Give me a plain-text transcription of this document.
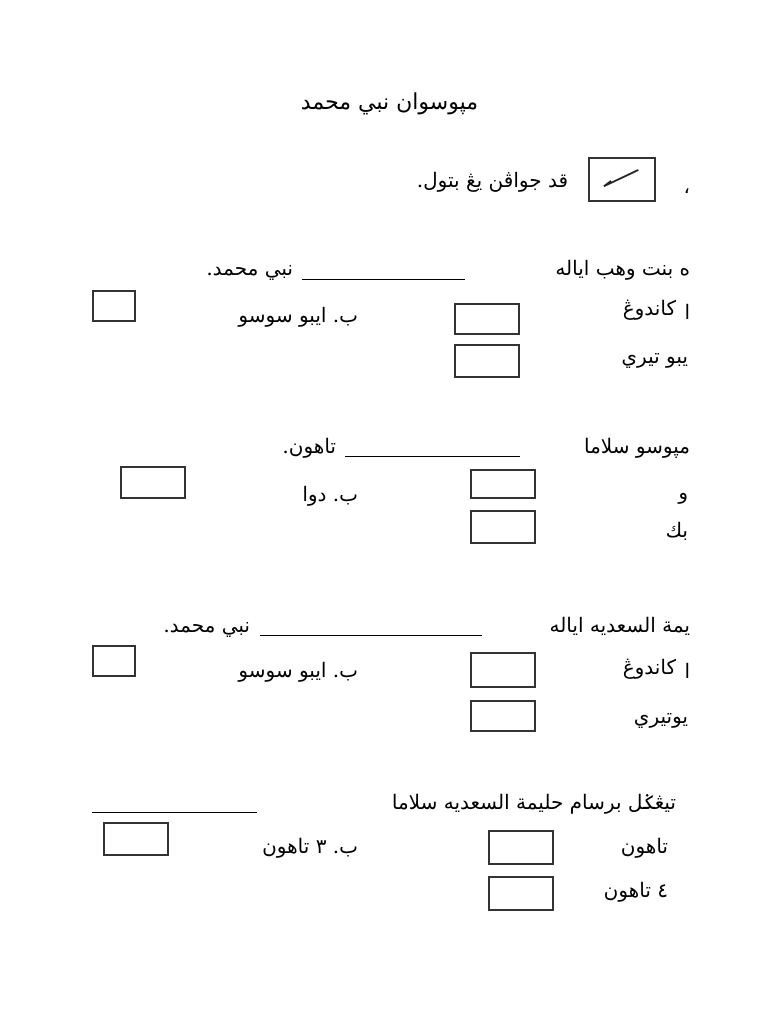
مپوسوان نبي محمد
،
قد جواڤن يڠ بتول.
ه بنت وهب اياله
نبي محمد.
ا
كاندوڠ
ب. ايبو سوسو
يبو تيري
مپوسو سلاما
تاهون.
و
ب. دوا
بك
يمة السعديه اياله
نبي محمد.
ا
كاندوڠ
ب. ايبو سوسو
يوتيري
تيڠݢل برسام حليمة السعديه سلاما
تاهون
ب. ٣ تاهون
٤ تاهون
